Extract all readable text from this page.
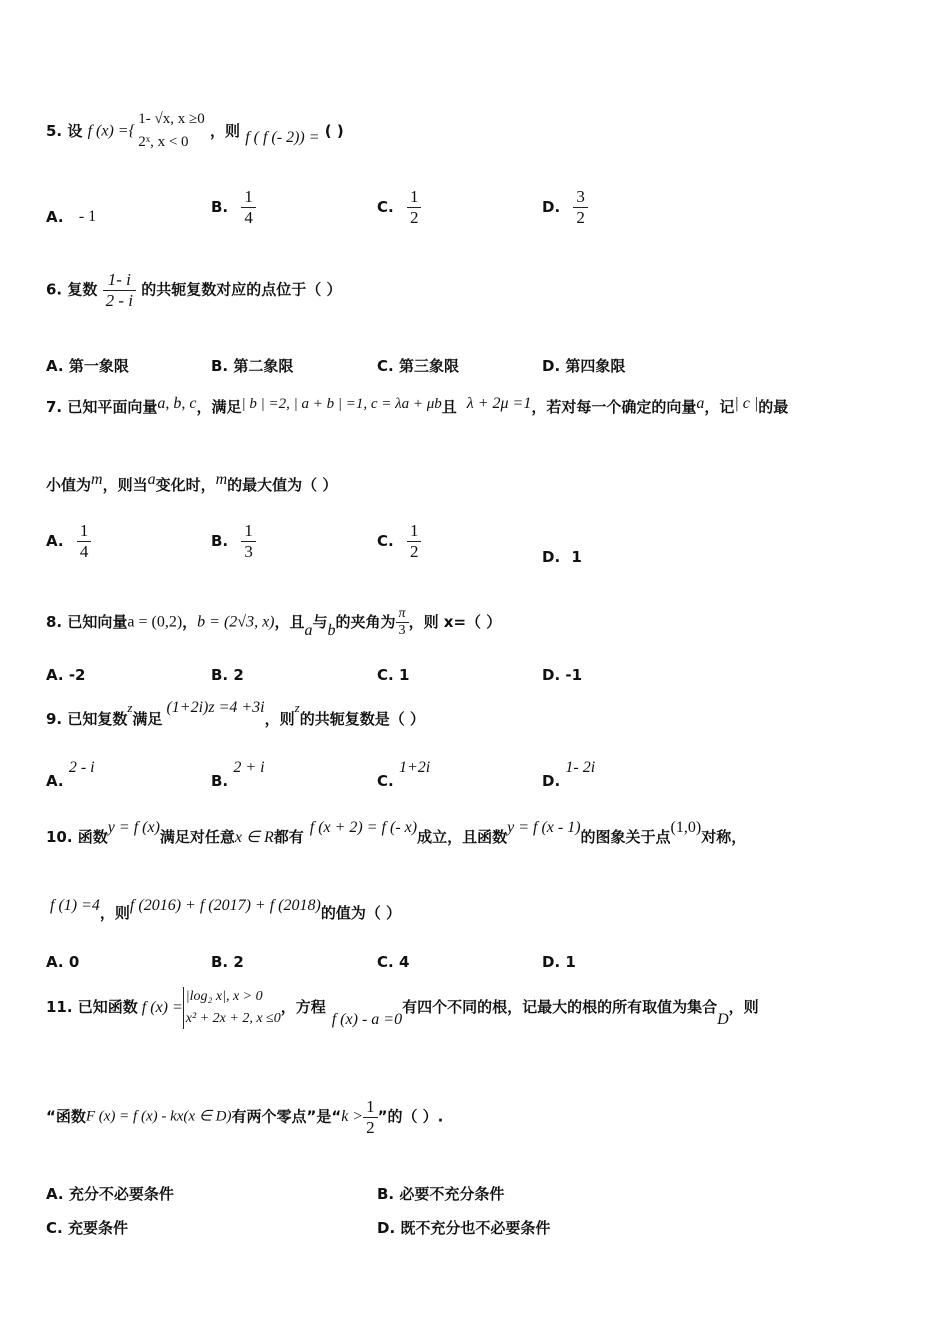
5. 设 f (x) ={
1- √x, x ≥0
2ˣ, x < 0
，则 f ( f (- 2)) = ( )
A. - 1	B. $\frac{1}{4}$	C. $\frac{1}{2}$	D. $\frac{3}{2}$
6. 复数 $\frac{1- i}{2 - i}$ 的共轭复数对应的点位于（ ）
A. 第一象限	B. 第二象限	C. 第三象限	D. 第四象限
7. 已知平面向量a, b, c，满足| b | =2, | a + b | =1, c = λa + μb且 λ + 2μ =1，若对每一个确定的向量a，记| c |的最
小值为m，则当a变化时，m的最大值为（ ）
A. $\frac{1}{4}$	B. $\frac{1}{3}$	C. $\frac{1}{2}$	D. 1
8. 已知向量a = (0,2)，b = (2√3, x)，且a与b的夹角为 $\frac{\pi}{3}$ ，则 x=（ ）
A. -2	B. 2	C. 1	D. -1
9. 已知复数z满足(1+2i)z =4 +3i，则z的共轭复数是（ ）
A. 2 - i
B. 2 + i
C. 1+2i
D. 1- 2i
10. 函数y = f (x)满足对任意x ∈ R都有f (x + 2) = f (- x)成立，且函数y = f (x - 1)的图象关于点(1,0)对称，
f (1) =4，则f (2016) + f (2017) + f (2018)的值为（ ）
A. 0	B. 2	C. 4	D. 1
11. 已知函数 f (x) =
|log₂ x|, x > 0
x² + 2x + 2, x ≤0
，方程f (x) - a =0有四个不同的根，记最大的根的所有取值为集合D，则
“函数F (x) = f (x) - kx(x ∈ D)有两个零点”是“$k > \frac{1}{2}$ ”的（ ）.
A. 充分不必要条件	B. 必要不充分条件
C. 充要条件	D. 既不充分也不必要条件
